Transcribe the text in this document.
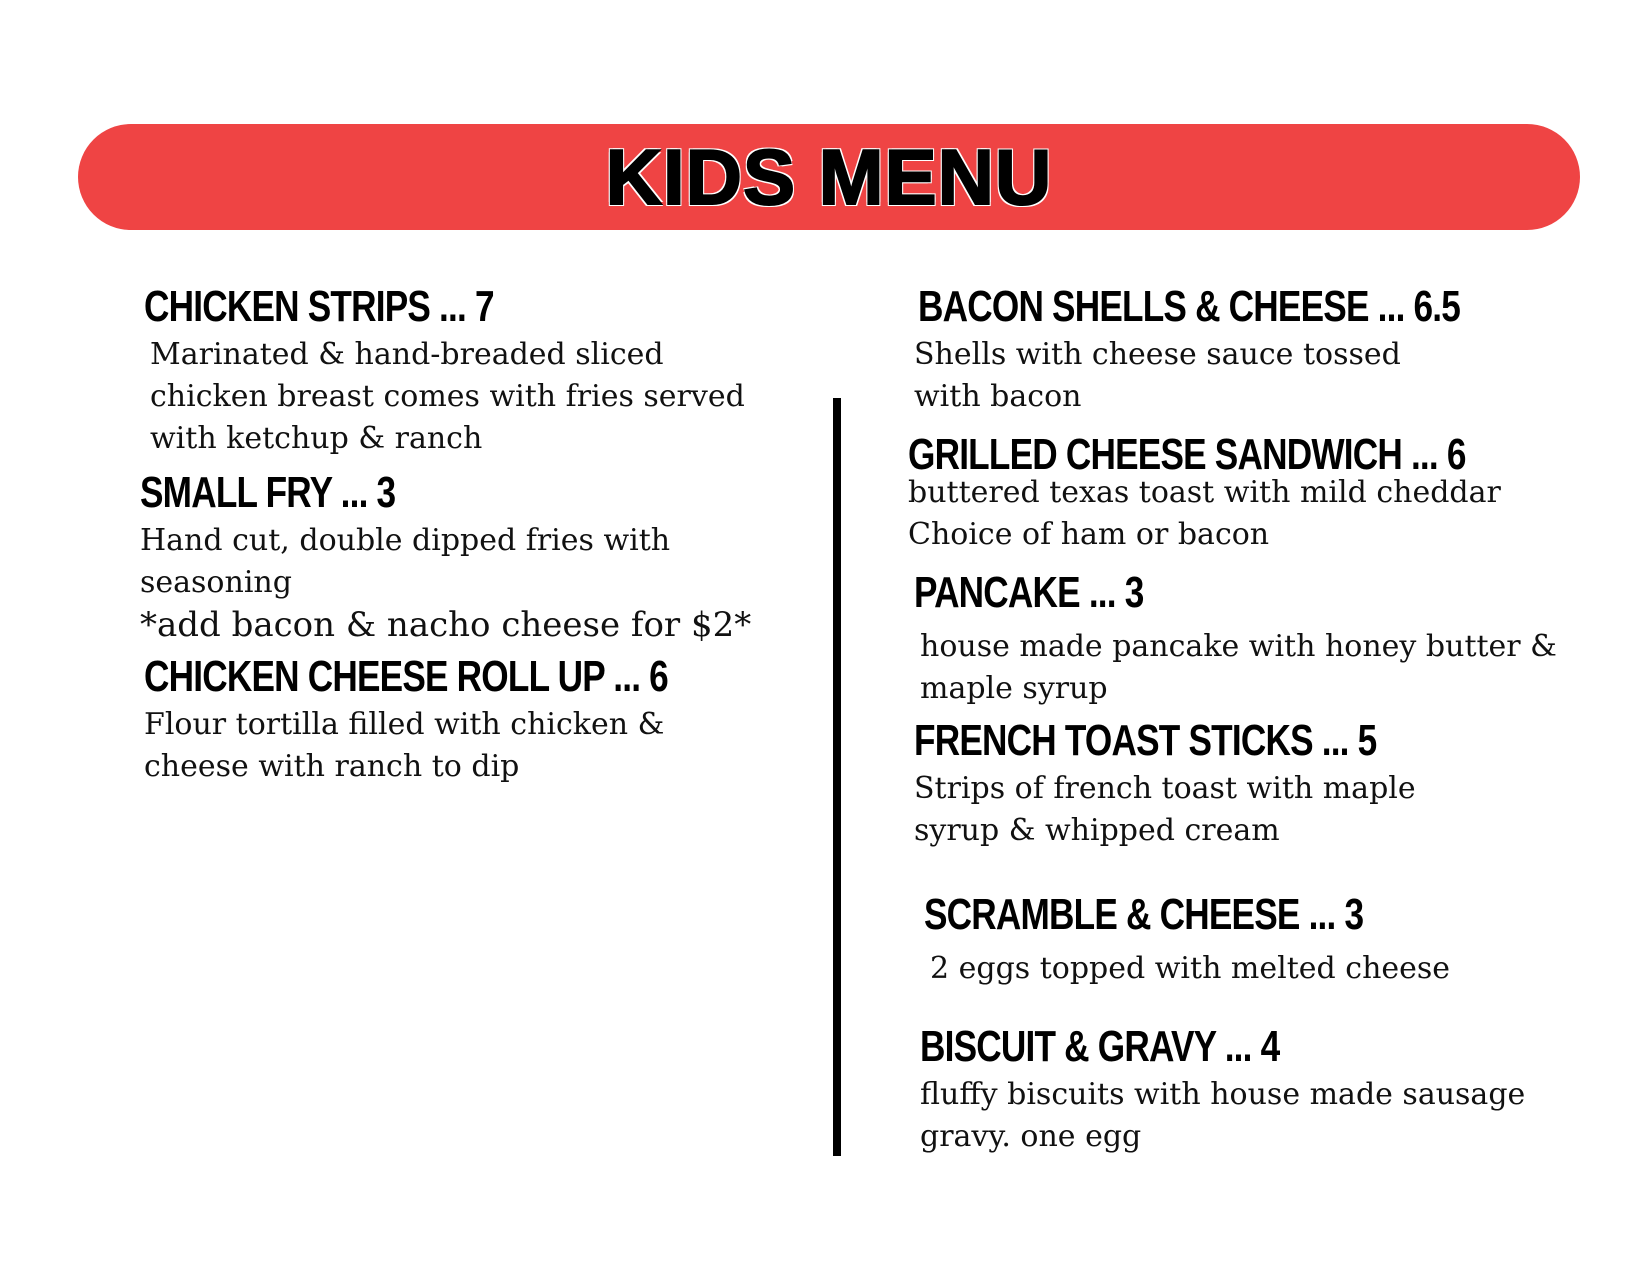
KIDS MENU
CHICKEN STRIPS ... 7
Marinated & hand-breaded sliced
chicken breast comes with fries served
with ketchup & ranch
SMALL FRY ... 3
Hand cut, double dipped fries with
seasoning
*add bacon & nacho cheese for $2*
CHICKEN CHEESE ROLL UP ... 6
Flour tortilla filled with chicken &
cheese with ranch to dip
BACON SHELLS & CHEESE ... 6.5
Shells with cheese sauce tossed
with bacon
GRILLED CHEESE SANDWICH ... 6
buttered texas toast with mild cheddar
Choice of ham or bacon
PANCAKE ... 3
house made pancake with honey butter &
maple syrup
FRENCH TOAST STICKS ... 5
Strips of french toast with maple
syrup & whipped cream
SCRAMBLE & CHEESE ... 3
2 eggs topped with melted cheese
BISCUIT & GRAVY ... 4
fluffy biscuits with house made sausage
gravy. one egg
